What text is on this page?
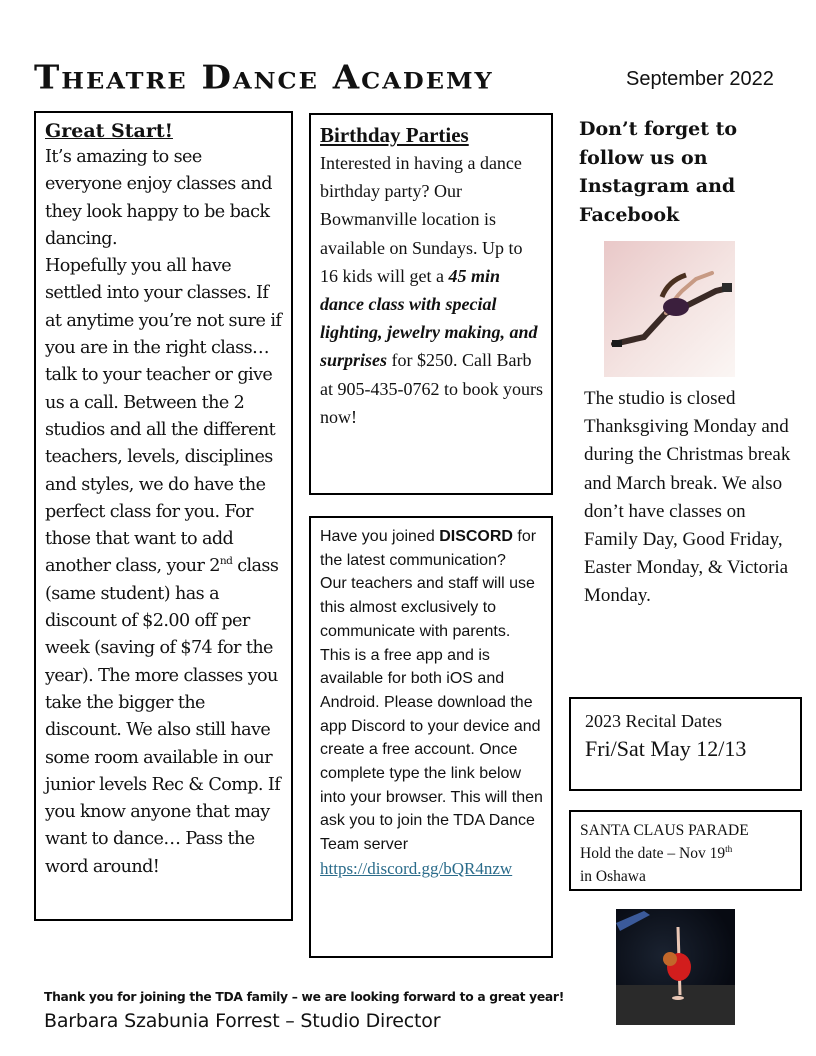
Theatre Dance Academy	September 2022
Great Start!

It’s amazing to see everyone enjoy classes and they look happy to be back dancing.

Hopefully you all have settled into your classes. If at anytime you’re not sure if you are in the right class… talk to your teacher or give us a call. Between the 2 studios and all the different teachers, levels, disciplines and styles, we do have the perfect class for you. For those that want to add another class, your 2nd class (same student) has a discount of $2.00 off per week (saving of $74 for the year). The more classes you take the bigger the discount. We also still have some room available in our junior levels Rec & Comp. If you know anyone that may want to dance… Pass the word around!

Birthday Parties

Interested in having a dance birthday party? Our Bowmanville location is available on Sundays. Up to 16 kids will get a 45 min dance class with special lighting, jewelry making, and surprises for $250. Call Barb at 905-435-0762 to book yours now!

Have you joined DISCORD for the latest communication?

Our teachers and staff will use this almost exclusively to communicate with parents. This is a free app and is available for both iOS and Android. Please download the app Discord to your device and create a free account. Once complete type the link below into your browser. This will then ask you to join the TDA Dance Team server

https://discord.gg/bQR4nzw

Don’t forget to follow us on Instagram and Facebook
The studio is closed Thanksgiving Monday and during the Christmas break and March break. We also don’t have classes on Family Day, Good Friday, Easter Monday, & Victoria Monday.
2023 Recital Dates
Fri/Sat May 12/13

SANTA CLAUS PARADE

Hold the date – Nov 19th

in Oshawa

Thank you for joining the TDA family – we are looking forward to a great year!
Barbara Szabunia Forrest – Studio Director
